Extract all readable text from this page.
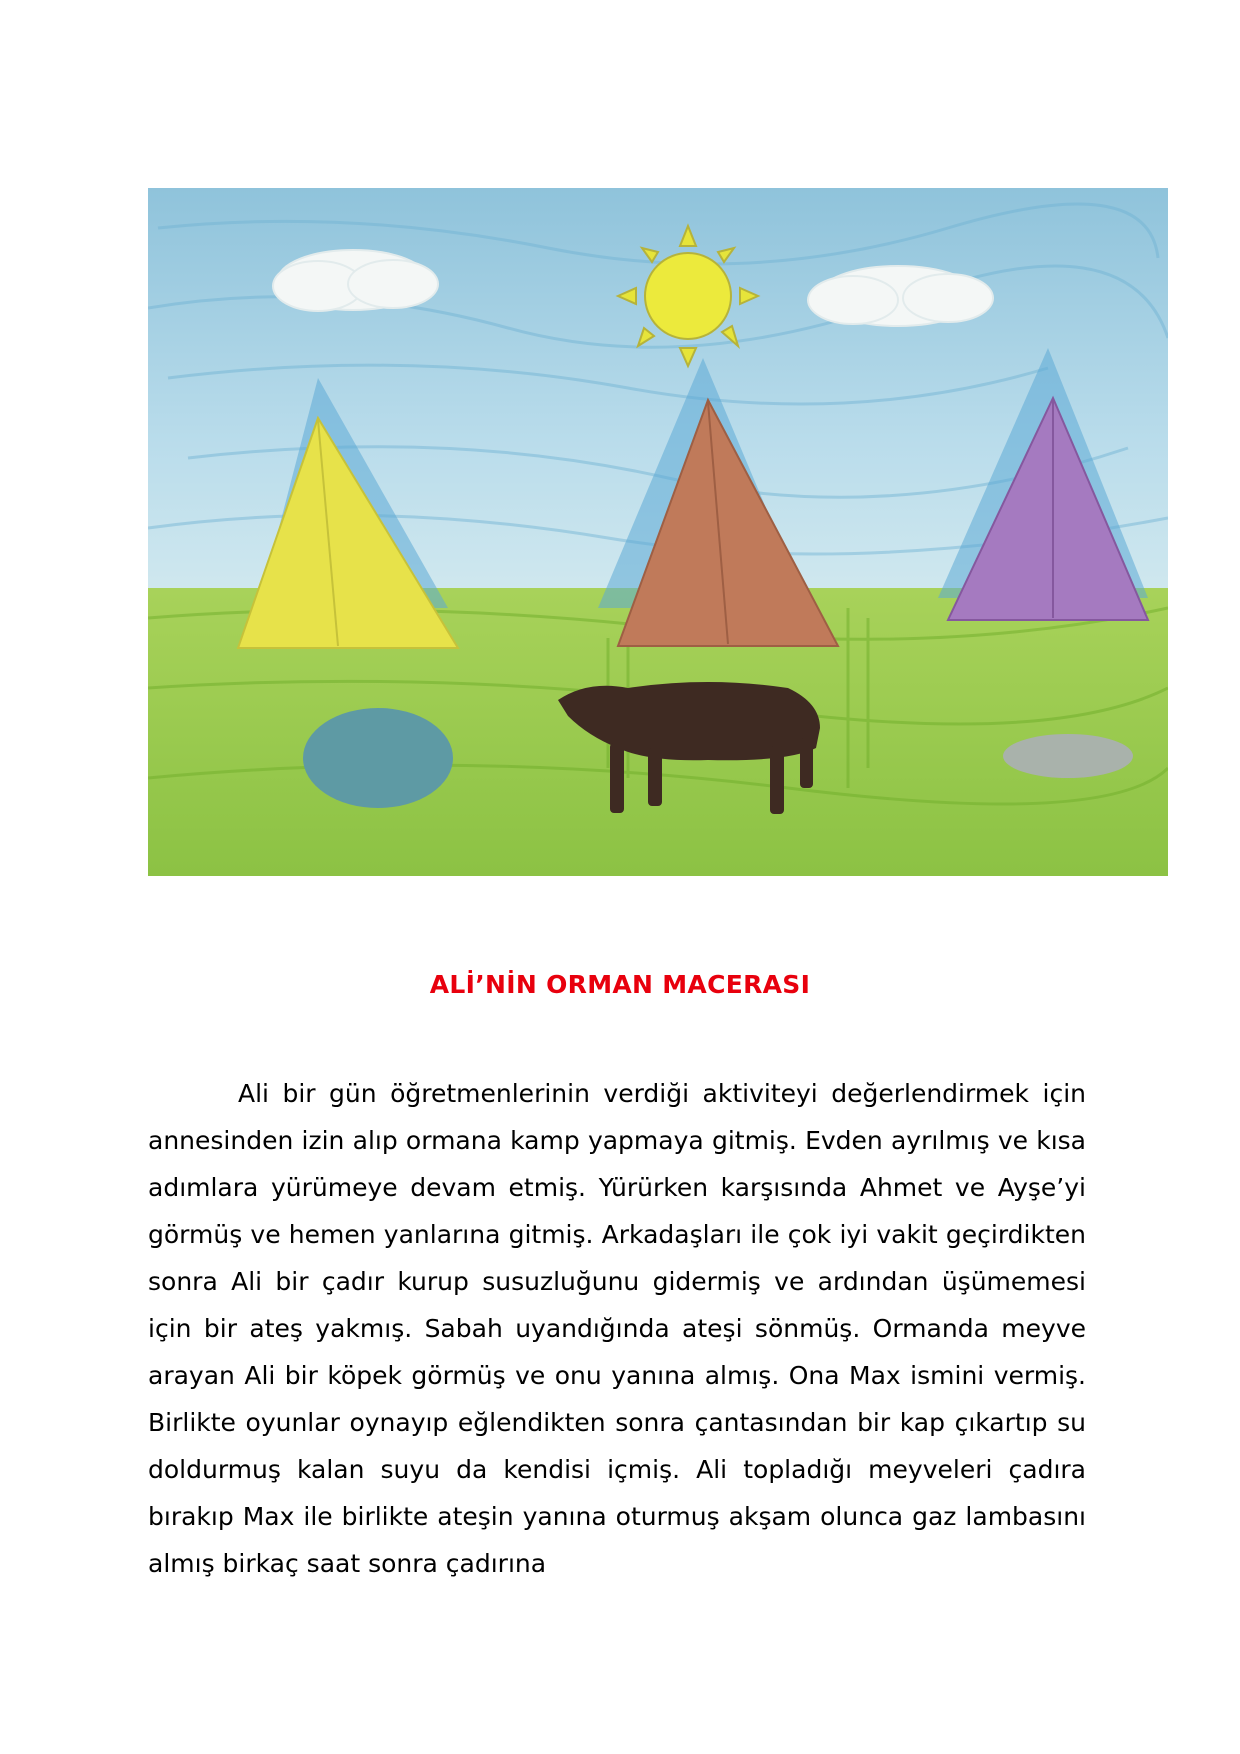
ALİ’NİN ORMAN MACERASI

Ali bir gün öğretmenlerinin verdiği aktiviteyi değerlendirmek için annesinden izin alıp ormana kamp yapmaya gitmiş. Evden ayrılmış ve kısa adımlara yürümeye devam etmiş. Yürürken karşısında Ahmet ve Ayşe’yi görmüş ve hemen yanlarına gitmiş. Arkadaşları ile çok iyi vakit geçirdikten sonra Ali bir çadır kurup susuzluğunu gidermiş ve ardından üşümemesi için bir ateş yakmış. Sabah uyandığında ateşi sönmüş. Ormanda meyve arayan Ali bir köpek görmüş ve onu yanına almış. Ona Max ismini vermiş. Birlikte oyunlar oynayıp eğlendikten sonra çantasından bir kap çıkartıp su doldurmuş kalan suyu da kendisi içmiş. Ali topladığı meyveleri çadıra bırakıp Max ile birlikte ateşin yanına oturmuş akşam olunca gaz lambasını almış birkaç saat sonra çadırına
